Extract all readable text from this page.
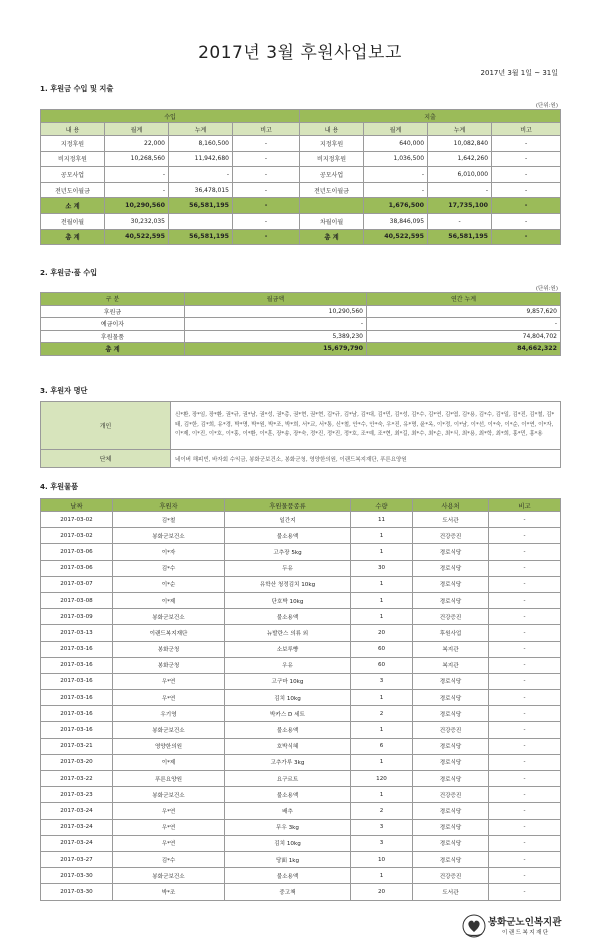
2017년 3월 후원사업보고
2017년 3월 1일 ~ 31일
1. 후원금 수입 및 지출
(단위:원)
수입				지출			
내 용	월계	누계	비고	내 용	월계	누계	비고
지정후원	22,000	8,160,500	-	지정후원	640,000	10,082,840	-
비지정후원	10,268,560	11,942,680	-	비지정후원	1,036,500	1,642,260	-
공모사업	-	-	-	공모사업	-	6,010,000	-
전년도이월금	-	36,478,015	-	전년도이월금	-	-	-
소 계	10,290,560	56,581,195	-		1,676,500	17,735,100	-
전월이월	30,232,035		-	차월이월	38,846,095	-	-
총 계	40,522,595	56,581,195	-	총 계	40,522,595	56,581,195	-
2. 후원금·품 수입
(단위:원)
구 분	월금액	연간 누계
후원금	10,290,560	9,857,620
예금이자	-	-
후원물품	5,389,230	74,804,702
총 계	15,679,790	84,662,322
3. 후원자 명단
개인	신*환, 장*임, 장*환, 권*규, 권*남, 권*성, 권*총, 권*현, 권*현, 김*규, 김*남, 김*대, 김*민, 김*성, 김*수, 김*연, 김*엽, 김*용, 김*수, 김*일, 김*진, 김*철, 김*태, 김*한, 김*희, 유*경, 박*명, 박*원, 박*조, 박*희, 서*교, 서*통, 신*철, 안*수, 안*숙, 우*진, 유*명, 윤*옥, 이*정, 이*남, 이*선, 이*숙, 이*순, 이*연, 이*자, 이*제, 이*진, 이*호, 이*홍, 이*환, 이*훈, 장*송, 장*숙, 정*진, 정*진, 정*호, 조*예, 조*현, 최*길, 최*수, 최*순, 최*식, 최*용, 최*학, 최*희, 홍*민, 홍*용
단체	네이버 해피빈, 바자회 수익금, 봉화군보건소, 봉화군청, 영양한의원, 이랜드복지재단, 푸른요양원
4. 후원물품
날짜	후원자	후원물품종류	수량	사용처	비고
2017-03-02	김*철	일간지	11	도서관	-
2017-03-02	봉화군보건소	불소용액	1	건강증진	-
2017-03-06	이*자	고추장 5kg	1	경로식당	-
2017-03-06	김*수	두유	30	경로식당	-
2017-03-07	이*순	유학산 청정김치 10kg	1	경로식당	-
2017-03-08	이*제	단호박 10kg	1	경로식당	-
2017-03-09	봉화군보건소	불소용액	1	건강증진	-
2017-03-13	이랜드복지재단	뉴발란스 의류 외	20	후원사업	-
2017-03-16	봉화군청	소보루빵	60	복지관	-
2017-03-16	봉화군청	우유	60	복지관	-
2017-03-16	우*연	고구마 10kg	3	경로식당	-
2017-03-16	우*연	김치 10kg	1	경로식당	-
2017-03-16	우기영	박카스 D 세트	2	경로식당	-
2017-03-16	봉화군보건소	불소용액	1	건강증진	-
2017-03-21	영양한의원	호박식혜	6	경로식당	-
2017-03-20	이*제	고추가루 3kg	1	경로식당	-
2017-03-22	푸른요양원	요구르트	120	경로식당	-
2017-03-23	봉화군보건소	불소용액	1	건강증진	-
2017-03-24	우*연	배추	2	경로식당	-
2017-03-24	우*연	무우 3kg	3	경로식당	-
2017-03-24	우*연	김치 10kg	3	경로식당	-
2017-03-27	김*수	당面 1kg	10	경로식당	-
2017-03-30	봉화군보건소	불소용액	1	건강증진	-
2017-03-30	박*조	중고책	20	도서관	-
봉화군노인복지관
이랜드복지재단
